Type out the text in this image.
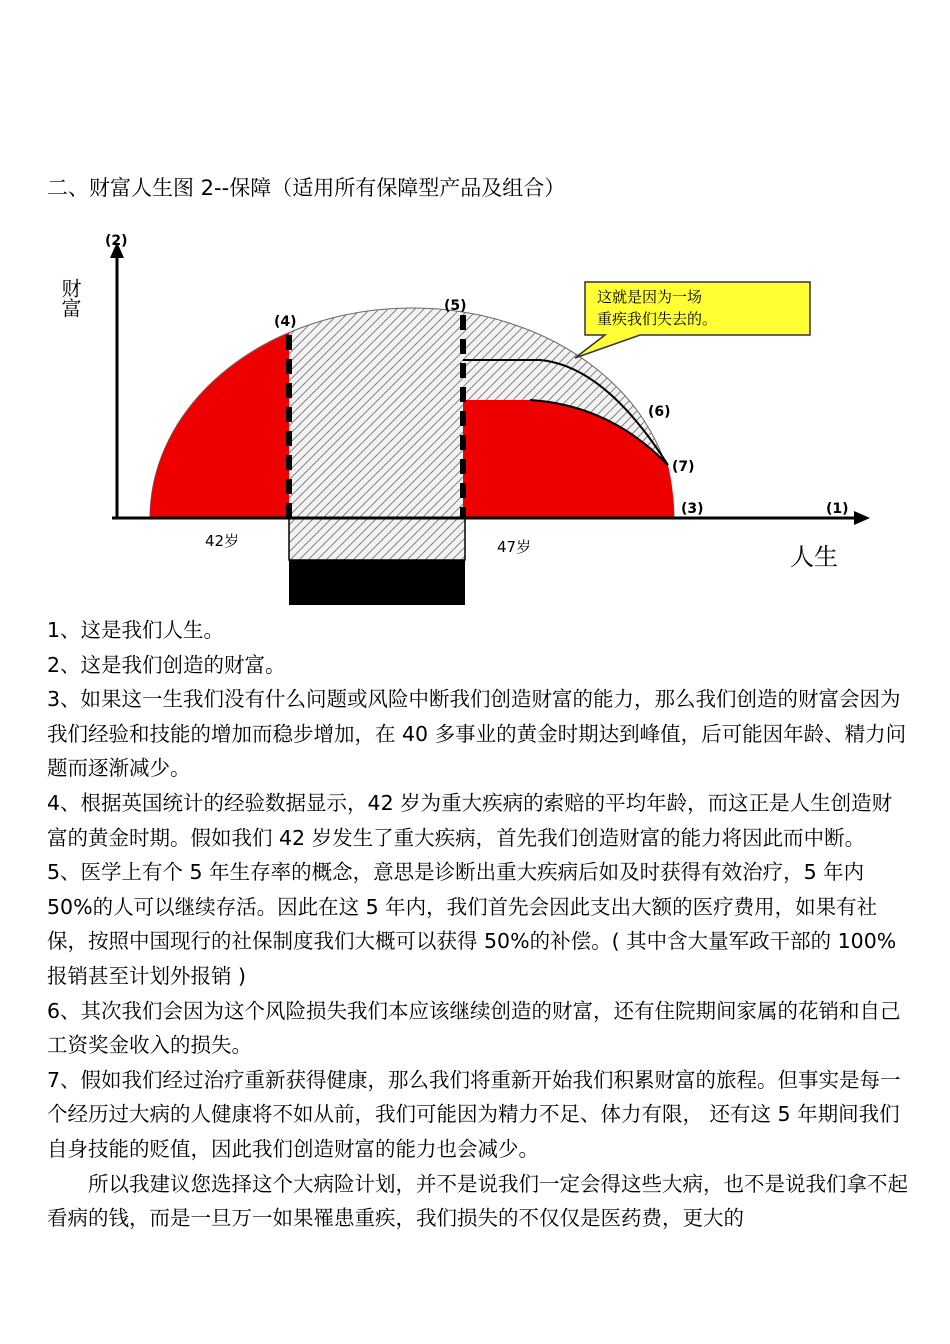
二、财富人生图 2--保障（适用所有保障型产品及组合）
这就是因为一场
重疾我们失去的。
财富
人生
(2)
(4)
(5)
(6)
(7)
(3)	(1)
42岁	47岁

1、这是我们人生。

2、这是我们创造的财富。

3、如果这一生我们没有什么问题或风险中断我们创造财富的能力，那么我们创造的财富会因为我们经验和技能的增加而稳步增加，在 40 多事业的黄金时期达到峰值，后可能因年龄、精力问题而逐渐减少。

4、根据英国统计的经验数据显示，42 岁为重大疾病的索赔的平均年龄，而这正是人生创造财富的黄金时期。假如我们 42 岁发生了重大疾病，首先我们创造财富的能力将因此而中断。

5、医学上有个 5 年生存率的概念，意思是诊断出重大疾病后如及时获得有效治疗，5 年内 50%的人可以继续存活。因此在这 5 年内，我们首先会因此支出大额的医疗费用，如果有社保，按照中国现行的社保制度我们大概可以获得 50%的补偿。( 其中含大量军政干部的 100%报销甚至计划外报销 )

6、其次我们会因为这个风险损失我们本应该继续创造的财富，还有住院期间家属的花销和自己工资奖金收入的损失。

7、假如我们经过治疗重新获得健康，那么我们将重新开始我们积累财富的旅程。但事实是每一个经历过大病的人健康将不如从前，我们可能因为精力不足、体力有限， 还有这 5 年期间我们自身技能的贬值，因此我们创造财富的能力也会减少。

所以我建议您选择这个大病险计划，并不是说我们一定会得这些大病，也不是说我们拿不起看病的钱，而是一旦万一如果罹患重疾，我们损失的不仅仅是医药费，更大的
